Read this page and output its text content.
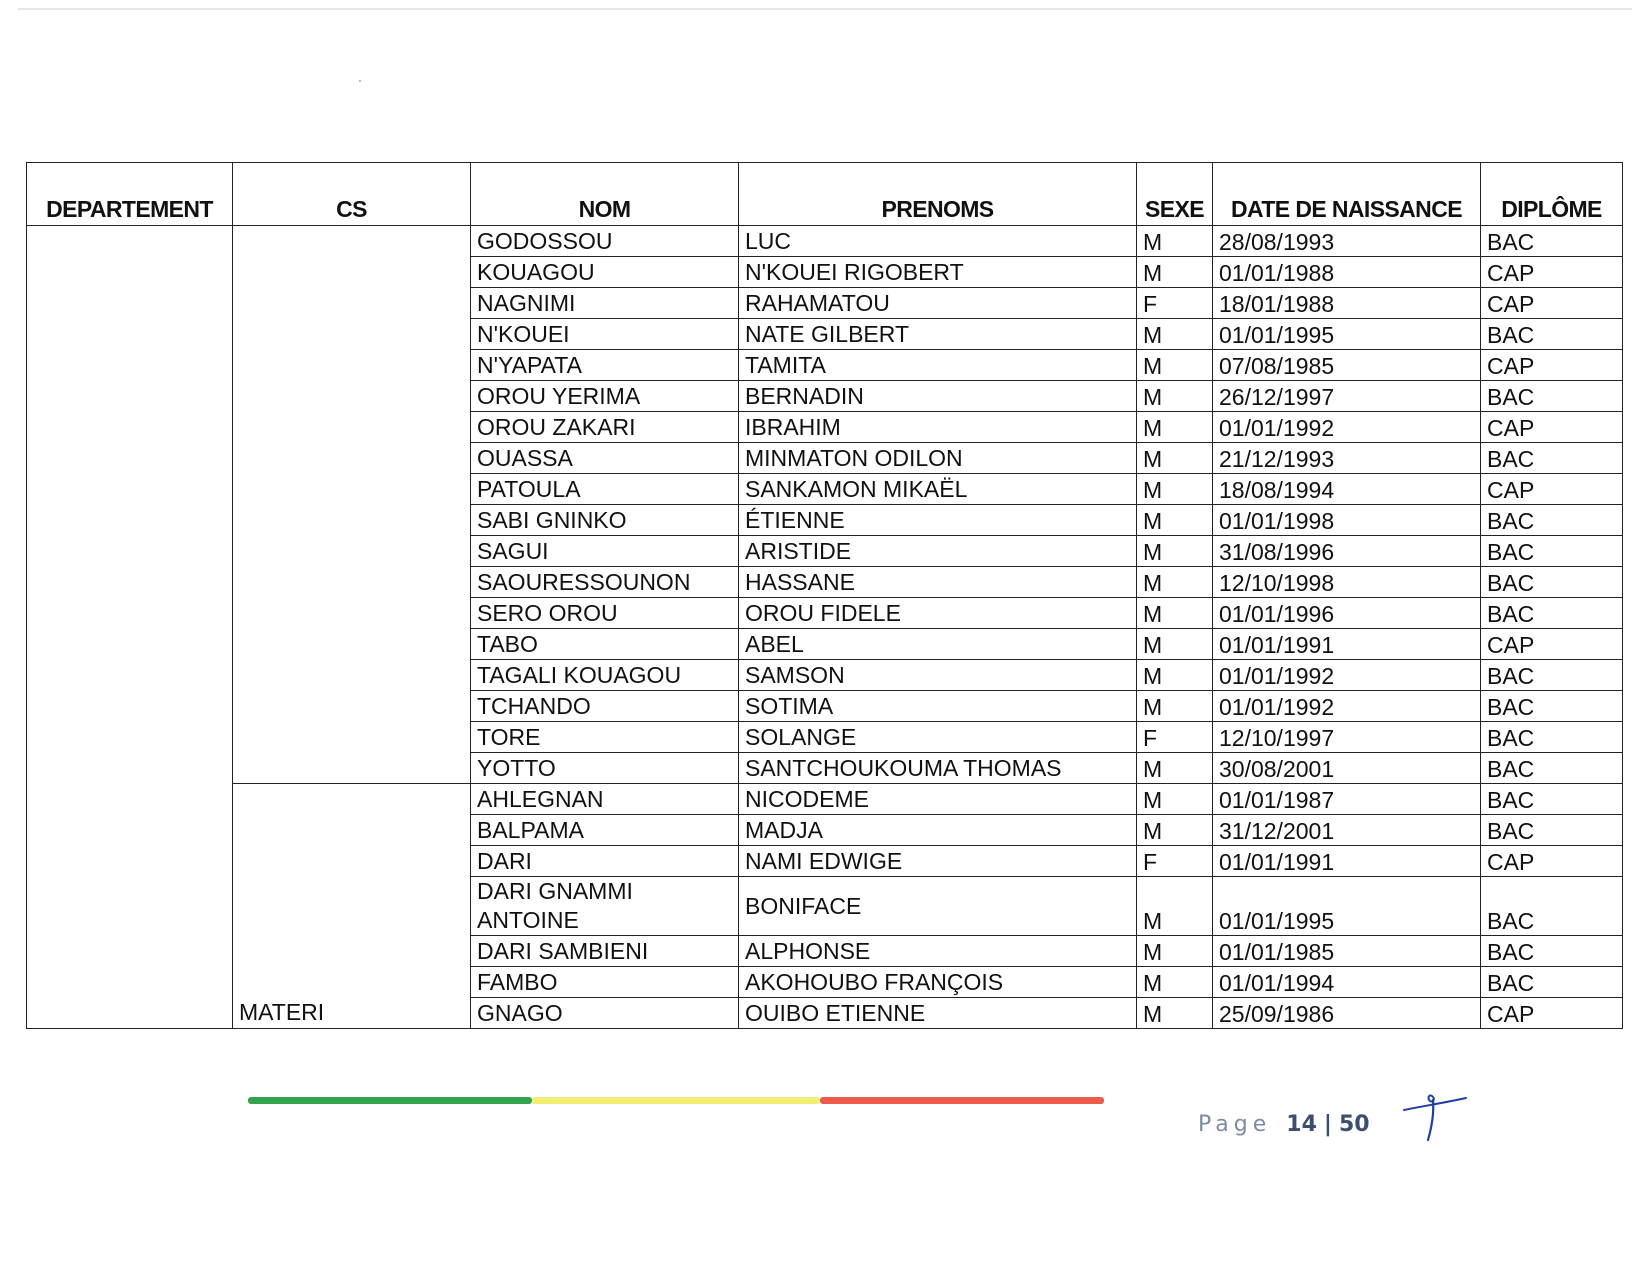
DEPARTEMENT	CS	NOM	PRENOMS	SEXE	DATE DE NAISSANCE	DIPLÔME
		GODOSSOU	LUC	M	28/08/1993	BAC
		KOUAGOU	N'KOUEI RIGOBERT	M	01/01/1988	CAP
		NAGNIMI	RAHAMATOU	F	18/01/1988	CAP
		N'KOUEI	NATE GILBERT	M	01/01/1995	BAC
		N'YAPATA	TAMITA	M	07/08/1985	CAP
		OROU YERIMA	BERNADIN	M	26/12/1997	BAC
		OROU ZAKARI	IBRAHIM	M	01/01/1992	CAP
		OUASSA	MINMATON ODILON	M	21/12/1993	BAC
		PATOULA	SANKAMON MIKAËL	M	18/08/1994	CAP
		SABI GNINKO	ÉTIENNE	M	01/01/1998	BAC
		SAGUI	ARISTIDE	M	31/08/1996	BAC
		SAOURESSOUNON	HASSANE	M	12/10/1998	BAC
		SERO OROU	OROU FIDELE	M	01/01/1996	BAC
		TABO	ABEL	M	01/01/1991	CAP
		TAGALI KOUAGOU	SAMSON	M	01/01/1992	BAC
		TCHANDO	SOTIMA	M	01/01/1992	BAC
		TORE	SOLANGE	F	12/10/1997	BAC
		YOTTO	SANTCHOUKOUMA THOMAS	M	30/08/2001	BAC
	MATERI	AHLEGNAN	NICODEME	M	01/01/1987	BAC
		BALPAMA	MADJA	M	31/12/2001	BAC
		DARI	NAMI EDWIGE	F	01/01/1991	CAP
		DARI GNAMMI ANTOINE	BONIFACE	M	01/01/1995	BAC
		DARI SAMBIENI	ALPHONSE	M	01/01/1985	BAC
		FAMBO	AKOHOUBO FRANÇOIS	M	01/01/1994	BAC
		GNAGO	OUIBO ETIENNE	M	25/09/1986	CAP
Page 14 | 50
